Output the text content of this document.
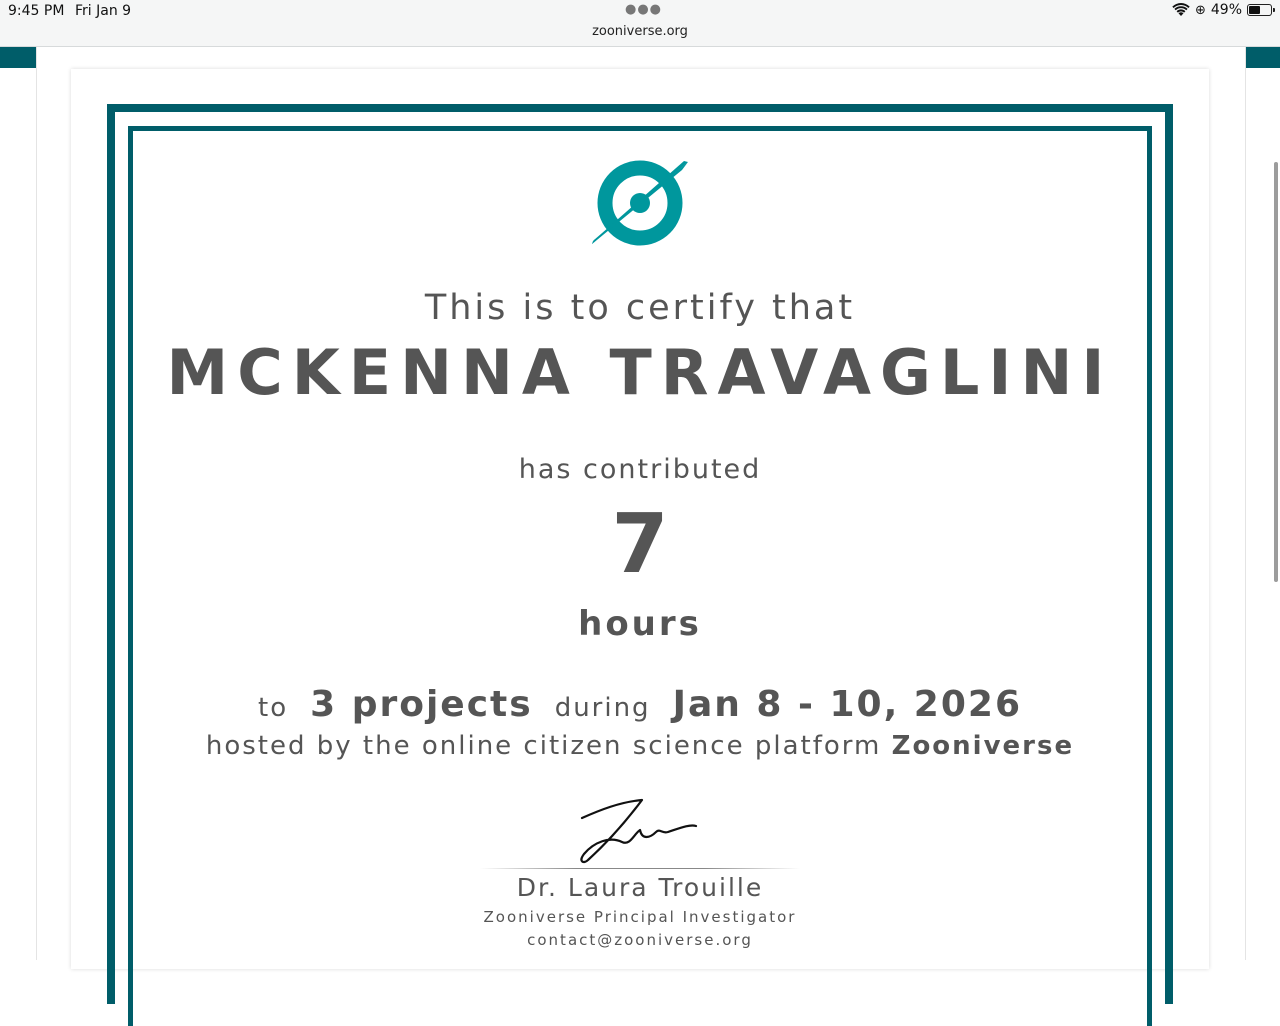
9:45 PM Fri Jan 9	●●●
zooniverse.org
⊕ 49%
This is to certify that
MCKENNA TRAVAGLINI
has contributed
7
hours
to 3 projects during Jan 8 - 10, 2026
hosted by the online citizen science platform Zooniverse
Dr. Laura Trouille
Zooniverse Principal Investigator
contact@zooniverse.org
